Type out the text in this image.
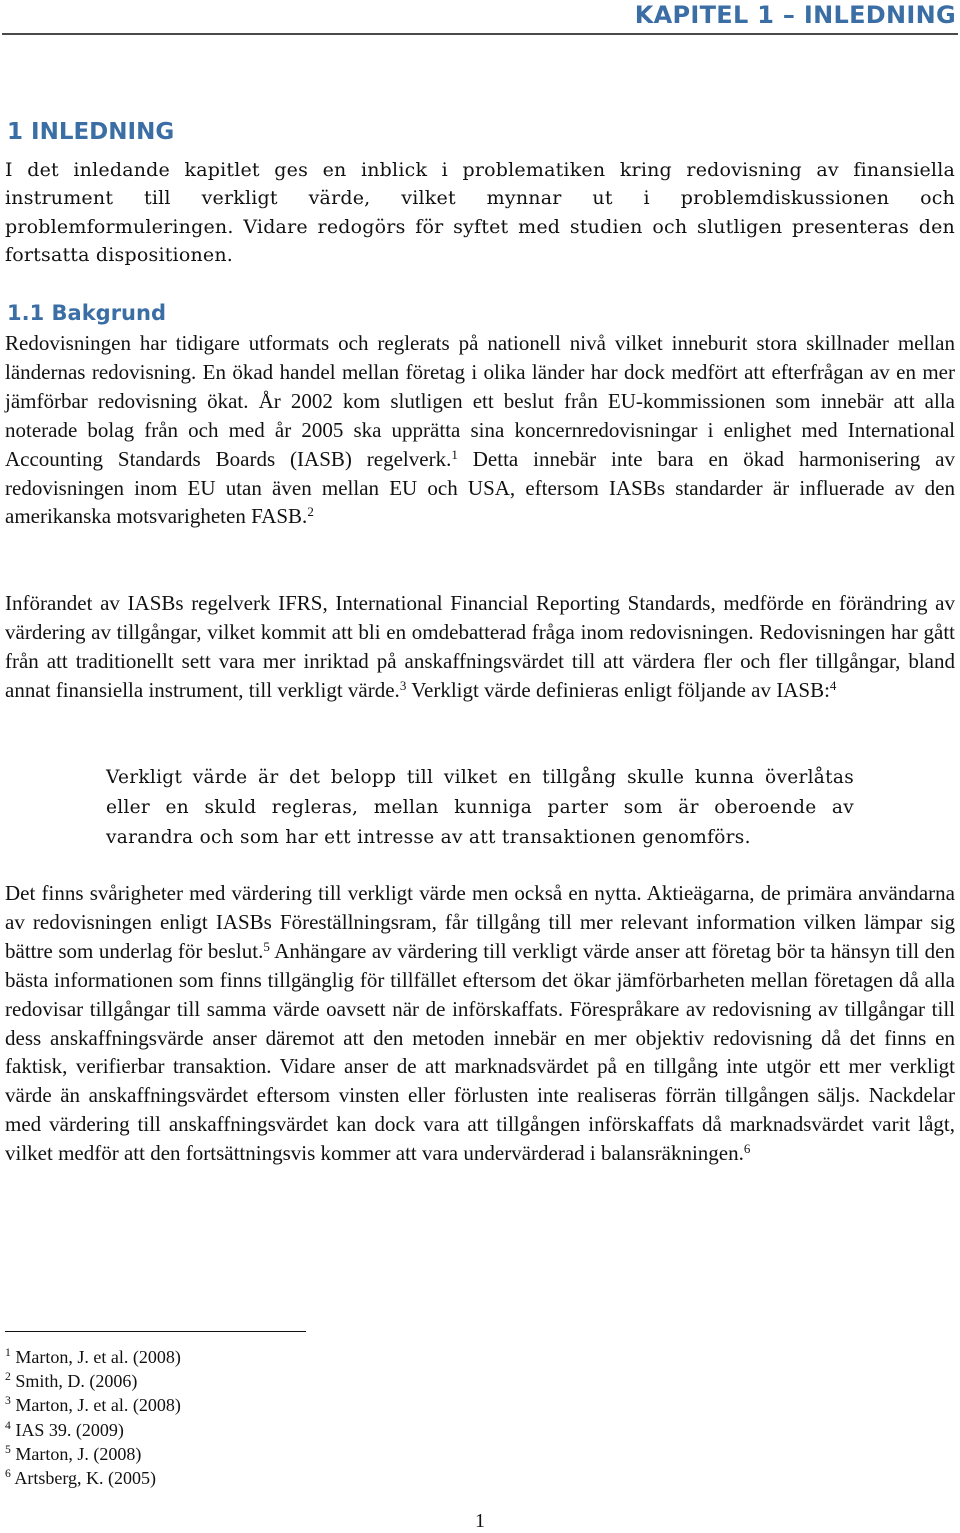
KAPITEL 1 – INLEDNING
1 INLEDNING

I det inledande kapitlet ges en inblick i problematiken kring redovisning av finansiella instrument till verkligt värde, vilket mynnar ut i problemdiskussionen och problemformuleringen. Vidare redogörs för syftet med studien och slutligen presenteras den fortsatta dispositionen.

1.1 Bakgrund

Redovisningen har tidigare utformats och reglerats på nationell nivå vilket inneburit stora skillnader mellan ländernas redovisning. En ökad handel mellan företag i olika länder har dock medfört att efterfrågan av en mer jämförbar redovisning ökat. År 2002 kom slutligen ett beslut från EU-kommissionen som innebär att alla noterade bolag från och med år 2005 ska upprätta sina koncernredovisningar i enlighet med International Accounting Standards Boards (IASB) regelverk.$^1$ Detta innebär inte bara en ökad harmonisering av redovisningen inom EU utan även mellan EU och USA, eftersom IASBs standarder är influerade av den amerikanska motsvarigheten FASB.$^2$

Införandet av IASBs regelverk IFRS, International Financial Reporting Standards, medförde en förändring av värdering av tillgångar, vilket kommit att bli en omdebatterad fråga inom redovisningen. Redovisningen har gått från att traditionellt sett vara mer inriktad på anskaffningsvärdet till att värdera fler och fler tillgångar, bland annat finansiella instrument, till verkligt värde.$^3$ Verkligt värde definieras enligt följande av IASB:$^4$

Verkligt värde är det belopp till vilket en tillgång skulle kunna överlåtas eller en skuld regleras, mellan kunniga parter som är oberoende av varandra och som har ett intresse av att transaktionen genomförs.

Det finns svårigheter med värdering till verkligt värde men också en nytta. Aktieägarna, de primära användarna av redovisningen enligt IASBs Föreställningsram, får tillgång till mer relevant information vilken lämpar sig bättre som underlag för beslut.$^5$ Anhängare av värdering till verkligt värde anser att företag bör ta hänsyn till den bästa informationen som finns tillgänglig för tillfället eftersom det ökar jämförbarheten mellan företagen då alla redovisar tillgångar till samma värde oavsett när de införskaffats. Förespråkare av redovisning av tillgångar till dess anskaffningsvärde anser däremot att den metoden innebär en mer objektiv redovisning då det finns en faktisk, verifierbar transaktion. Vidare anser de att marknadsvärdet på en tillgång inte utgör ett mer verkligt värde än anskaffningsvärdet eftersom vinsten eller förlusten inte realiseras förrän tillgången säljs. Nackdelar med värdering till anskaffningsvärdet kan dock vara att tillgången införskaffats då marknadsvärdet varit lågt, vilket medför att den fortsättningsvis kommer att vara undervärderad i balansräkningen.$^6$

$^1$ Marton, J. et al. (2008)
$^2$ Smith, D. (2006)
$^3$ Marton, J. et al. (2008)
$^4$ IAS 39. (2009)
$^5$ Marton, J. (2008)
$^6$ Artsberg, K. (2005)
1
